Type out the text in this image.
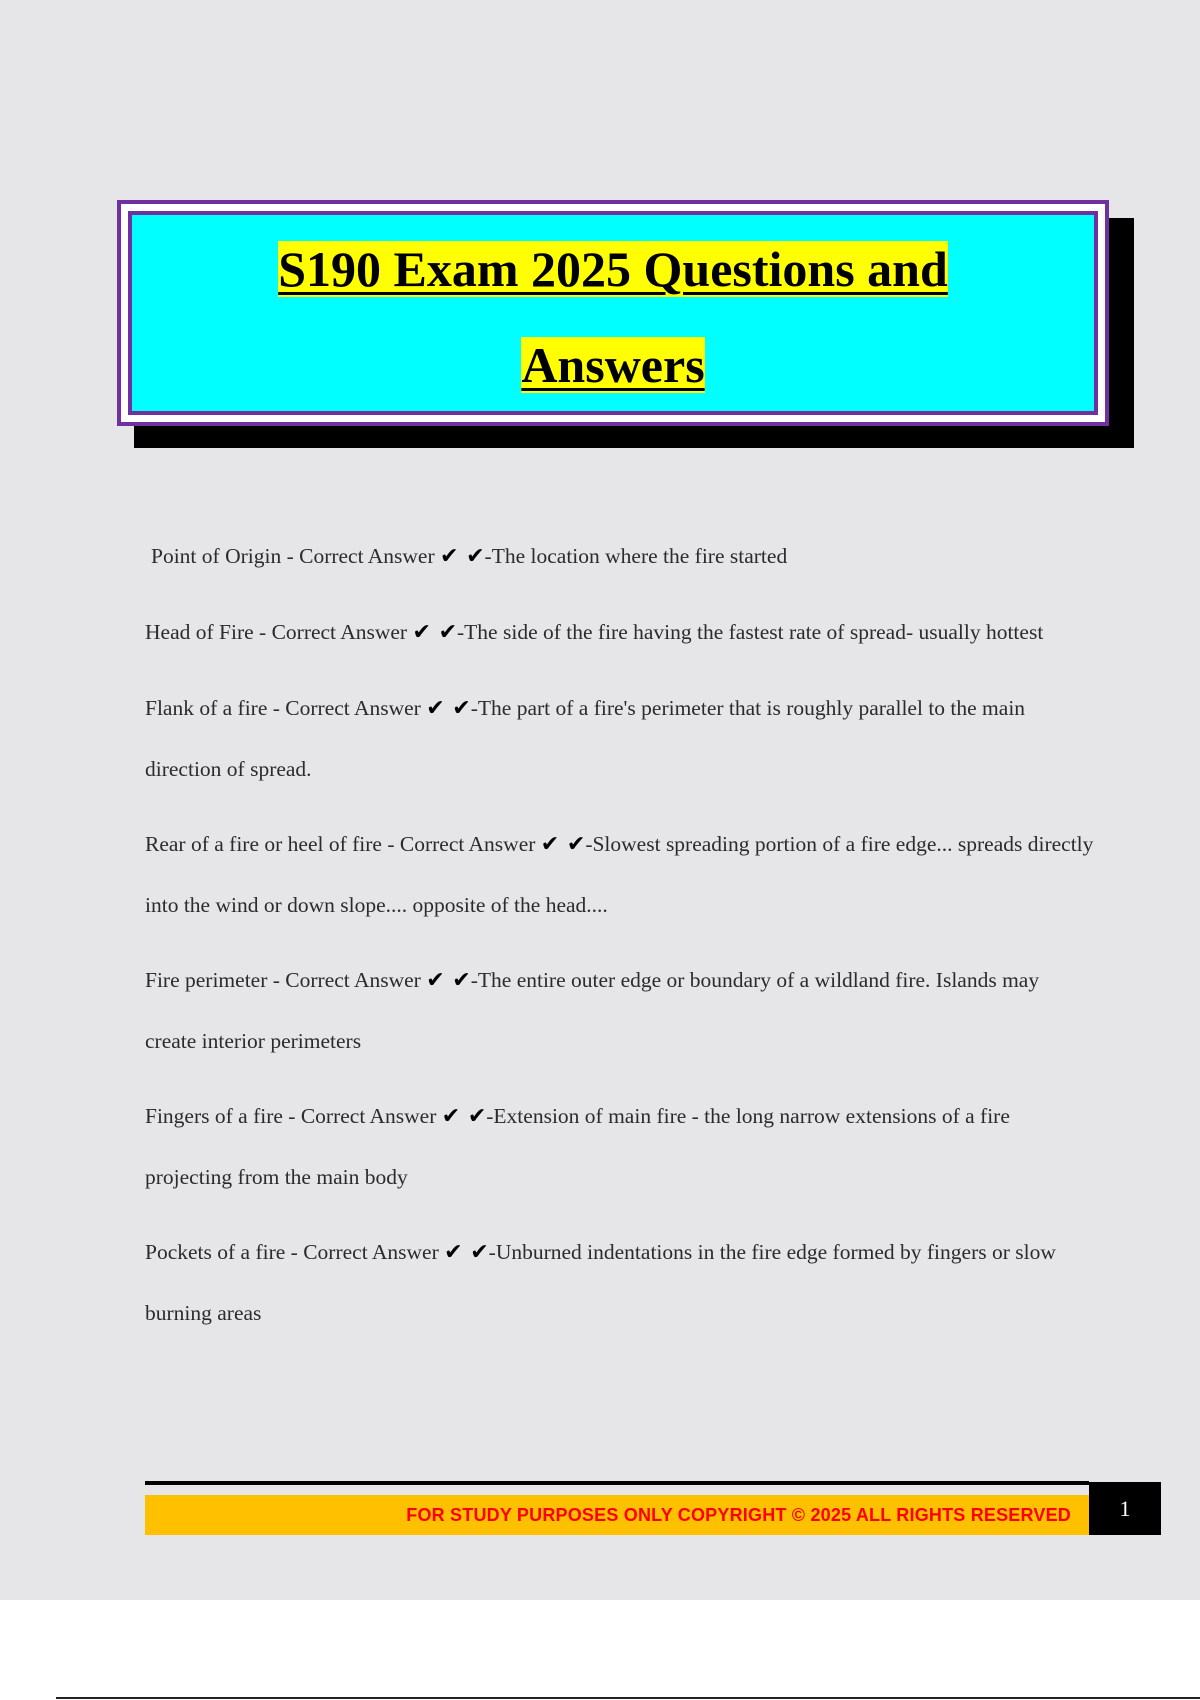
S190 Exam 2025 Questions and
Answers

Point of Origin - Correct Answer ✔ ✔-The location where the fire started

Head of Fire - Correct Answer ✔ ✔-The side of the fire having the fastest rate of spread- usually hottest

Flank of a fire - Correct Answer ✔ ✔-The part of a fire's perimeter that is roughly parallel to the main direction of spread.

Rear of a fire or heel of fire - Correct Answer ✔ ✔-Slowest spreading portion of a fire edge... spreads directly into the wind or down slope.... opposite of the head....

Fire perimeter - Correct Answer ✔ ✔-The entire outer edge or boundary of a wildland fire. Islands may create interior perimeters

Fingers of a fire - Correct Answer ✔ ✔-Extension of main fire - the long narrow extensions of a fire projecting from the main body

Pockets of a fire - Correct Answer ✔ ✔-Unburned indentations in the fire edge formed by fingers or slow burning areas

FOR STUDY PURPOSES ONLY COPYRIGHT © 2025 ALL RIGHTS RESERVED	1
